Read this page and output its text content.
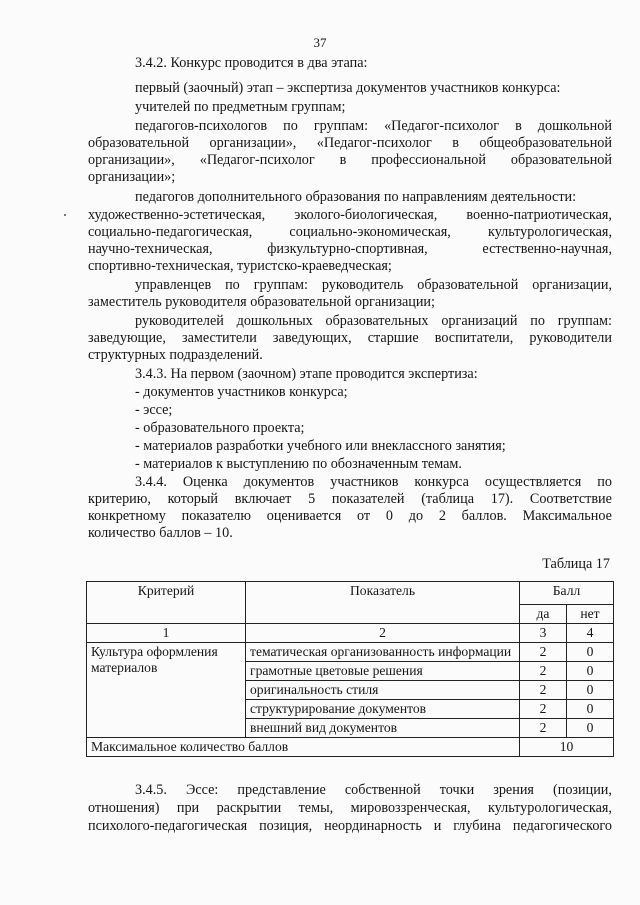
37
3.4.2. Конкурс проводится в два этапа:
первый (заочный) этап – экспертиза документов участников конкурса:
учителей по предметным группам;
педагогов-психологов по группам: «Педагог-психолог в дошкольной
образовательной организации», «Педагог-психолог в общеобразовательной
организации», «Педагог-психолог в профессиональной образовательной
организации»;
педагогов дополнительного образования по направлениям деятельности:
художественно-эстетическая, эколого-биологическая, военно-патриотическая,
социально-педагогическая,	социально-экономическая,	культурологическая,
научно-техническая,	физкультурно-спортивная,	естественно-научная,
спортивно-техническая, туристско-краеведческая;
управленцев по группам: руководитель образовательной организации,
заместитель руководителя образовательной организации;
руководителей дошкольных образовательных организаций по группам:
заведующие, заместители заведующих, старшие воспитатели, руководители
структурных подразделений.
3.4.3. На первом (заочном) этапе проводится экспертиза:
- документов участников конкурса;
- эссе;
- образовательного проекта;
- материалов разработки учебного или внеклассного занятия;
- материалов к выступлению по обозначенным темам.
3.4.4. Оценка документов участников конкурса осуществляется по
критерию, который включает 5 показателей (таблица 17). Соответствие
конкретному показателю оценивается от 0 до 2 баллов. Максимальное
количество баллов – 10.
Таблица 17
Критерий	Показатель	Балл	
		да	нет
1	2	3	4
Культура оформления материалов	тематическая организованность информации	2	0
	грамотные цветовые решения	2	0
	оригинальность стиля	2	0
	структурирование документов	2	0
	внешний вид документов	2	0
Максимальное количество баллов		10	
3.4.5. Эссе: представление собственной точки зрения (позиции,
отношения) при раскрытии темы, мировоззренческая, культурологическая,
психолого-педагогическая позиция, неординарность и глубина педагогического
